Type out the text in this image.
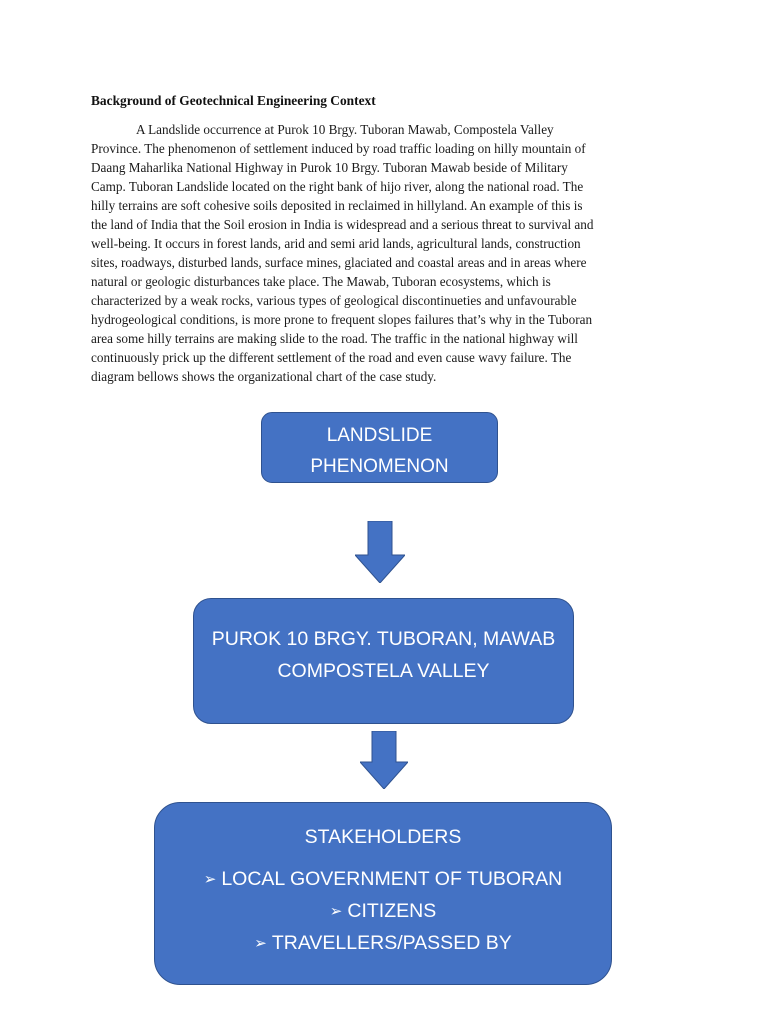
Background of Geotechnical Engineering Context
A Landslide occurrence at Purok 10 Brgy. Tuboran Mawab, Compostela Valley
Province. The phenomenon of settlement induced by road traffic loading on hilly mountain of
Daang Maharlika National Highway in Purok 10 Brgy. Tuboran Mawab beside of Military
Camp. Tuboran Landslide located on the right bank of hijo river, along the national road. The
hilly terrains are soft cohesive soils deposited in reclaimed in hillyland. An example of this is
the land of India that the Soil erosion in India is widespread and a serious threat to survival and
well-being. It occurs in forest lands, arid and semi arid lands, agricultural lands, construction
sites, roadways, disturbed lands, surface mines, glaciated and coastal areas and in areas where
natural or geologic disturbances take place. The Mawab, Tuboran ecosystems, which is
characterized by a weak rocks, various types of geological discontinueties and unfavourable
hydrogeological conditions, is more prone to frequent slopes failures that’s why in the Tuboran
area some hilly terrains are making slide to the road. The traffic in the national highway will
continuously prick up the different settlement of the road and even cause wavy failure. The
diagram bellows shows the organizational chart of the case study.
LANDSLIDE
PHENOMENON
PUROK 10 BRGY. TUBORAN, MAWAB
COMPOSTELA VALLEY
STAKEHOLDERS
➢ LOCAL GOVERNMENT OF TUBORAN
➢ CITIZENS
➢ TRAVELLERS/PASSED BY
